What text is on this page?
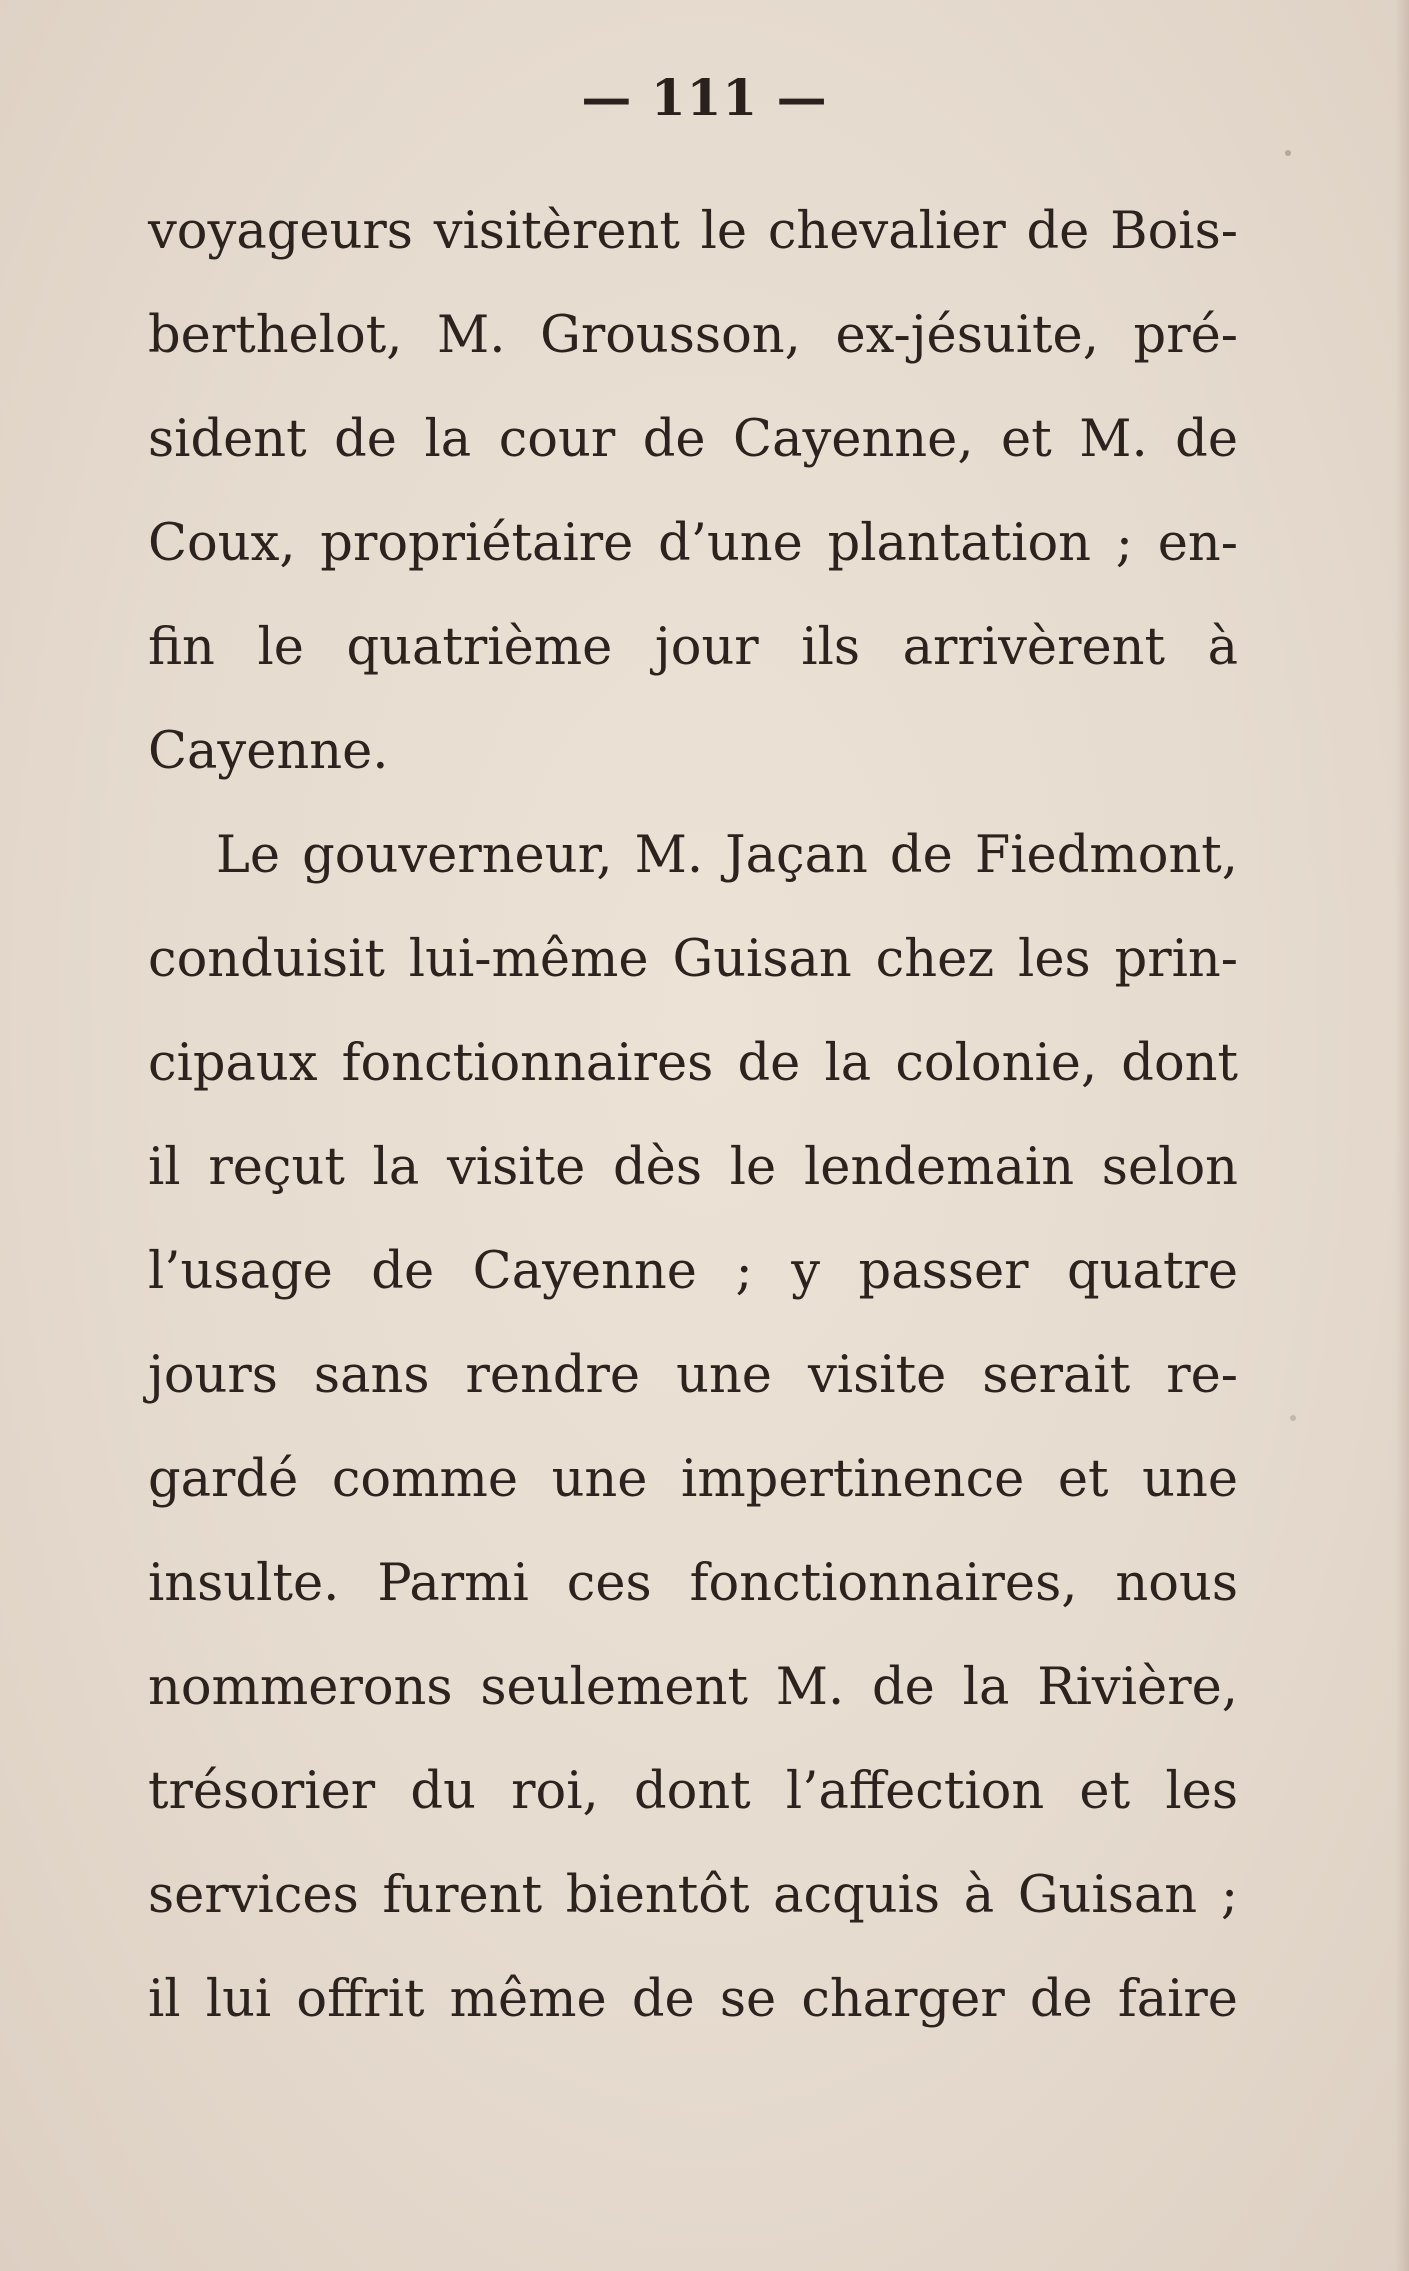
— 111 —
voyageurs visitèrent le chevalier de Bois-
berthelot, M. Grousson, ex-jésuite, pré-
sident de la cour de Cayenne, et M. de
Coux, propriétaire d’une plantation ; en-
fin le quatrième jour ils arrivèrent à
Cayenne.
Le gouverneur, M. Jaçan de Fiedmont,
conduisit lui-même Guisan chez les prin-
cipaux fonctionnaires de la colonie, dont
il reçut la visite dès le lendemain selon
l’usage de Cayenne ; y passer quatre
jours sans rendre une visite serait re-
gardé comme une impertinence et une
insulte. Parmi ces fonctionnaires, nous
nommerons seulement M. de la Rivière,
trésorier du roi, dont l’affection et les
services furent bientôt acquis à Guisan ;
il lui offrit même de se charger de faire
